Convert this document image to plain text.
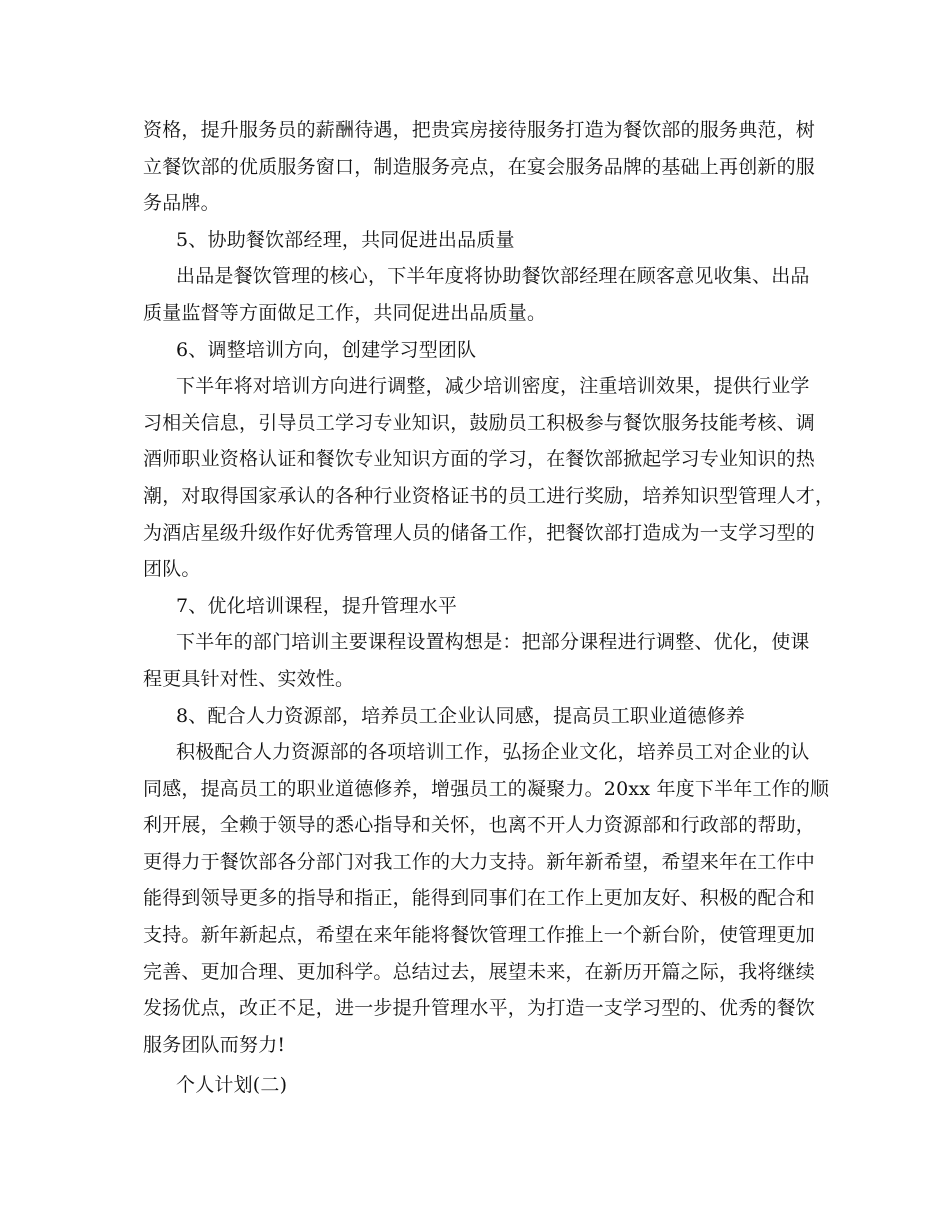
资格，提升服务员的薪酬待遇，把贵宾房接待服务打造为餐饮部的服务典范，树
立餐饮部的优质服务窗口，制造服务亮点，在宴会服务品牌的基础上再创新的服
务品牌。
5、协助餐饮部经理，共同促进出品质量
出品是餐饮管理的核心，下半年度将协助餐饮部经理在顾客意见收集、出品
质量监督等方面做足工作，共同促进出品质量。
6、调整培训方向，创建学习型团队
下半年将对培训方向进行调整，减少培训密度，注重培训效果，提供行业学
习相关信息，引导员工学习专业知识，鼓励员工积极参与餐饮服务技能考核、调
酒师职业资格认证和餐饮专业知识方面的学习，在餐饮部掀起学习专业知识的热
潮，对取得国家承认的各种行业资格证书的员工进行奖励，培养知识型管理人才，
为酒店星级升级作好优秀管理人员的储备工作，把餐饮部打造成为一支学习型的
团队。
7、优化培训课程，提升管理水平
下半年的部门培训主要课程设置构想是：把部分课程进行调整、优化，使课
程更具针对性、实效性。
8、配合人力资源部，培养员工企业认同感，提高员工职业道德修养
积极配合人力资源部的各项培训工作，弘扬企业文化，培养员工对企业的认
同感，提高员工的职业道德修养，增强员工的凝聚力。20xx 年度下半年工作的顺
利开展，全赖于领导的悉心指导和关怀，也离不开人力资源部和行政部的帮助，
更得力于餐饮部各分部门对我工作的大力支持。新年新希望，希望来年在工作中
能得到领导更多的指导和指正，能得到同事们在工作上更加友好、积极的配合和
支持。新年新起点，希望在来年能将餐饮管理工作推上一个新台阶，使管理更加
完善、更加合理、更加科学。总结过去，展望未来，在新历开篇之际，我将继续
发扬优点，改正不足，进一步提升管理水平，为打造一支学习型的、优秀的餐饮
服务团队而努力!
个人计划(二)
